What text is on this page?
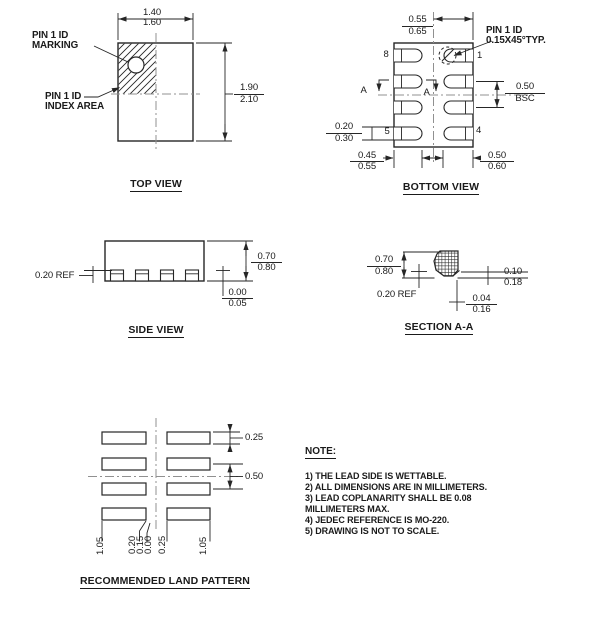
PIN 1 ID
MARKING
PIN 1 ID
INDEX AREA
1.40
1.60
$\frac{1.90}{2.10}$
TOP VIEW
$\frac{0.55}{0.65}$	PIN 1 ID
0.15X45°TYP.
8	1
5	4
A	A	0.50
BSC
$\frac{0.20}{0.30}$
$\frac{0.45}{0.55}$	$\frac{0.50}{0.60}$
BOTTOM VIEW
0.20 REF
$\frac{0.70}{0.80}$
$\frac{0.00}{0.05}$
SIDE VIEW
$\frac{0.70}{0.80}$
0.20 REF
0.10
0.18
$\frac{0.04}{0.16}$
SECTION A-A
0.25
0.50
1.05 0.20
0.15
0.00 0.25	1.05
RECOMMENDED LAND PATTERN
NOTE:
1) THE LEAD SIDE IS WETTABLE.
2) ALL DIMENSIONS ARE IN MILLIMETERS.
3) LEAD COPLANARITY SHALL BE 0.08
MILLIMETERS MAX.
4) JEDEC REFERENCE IS MO-220.
5) DRAWING IS NOT TO SCALE.
